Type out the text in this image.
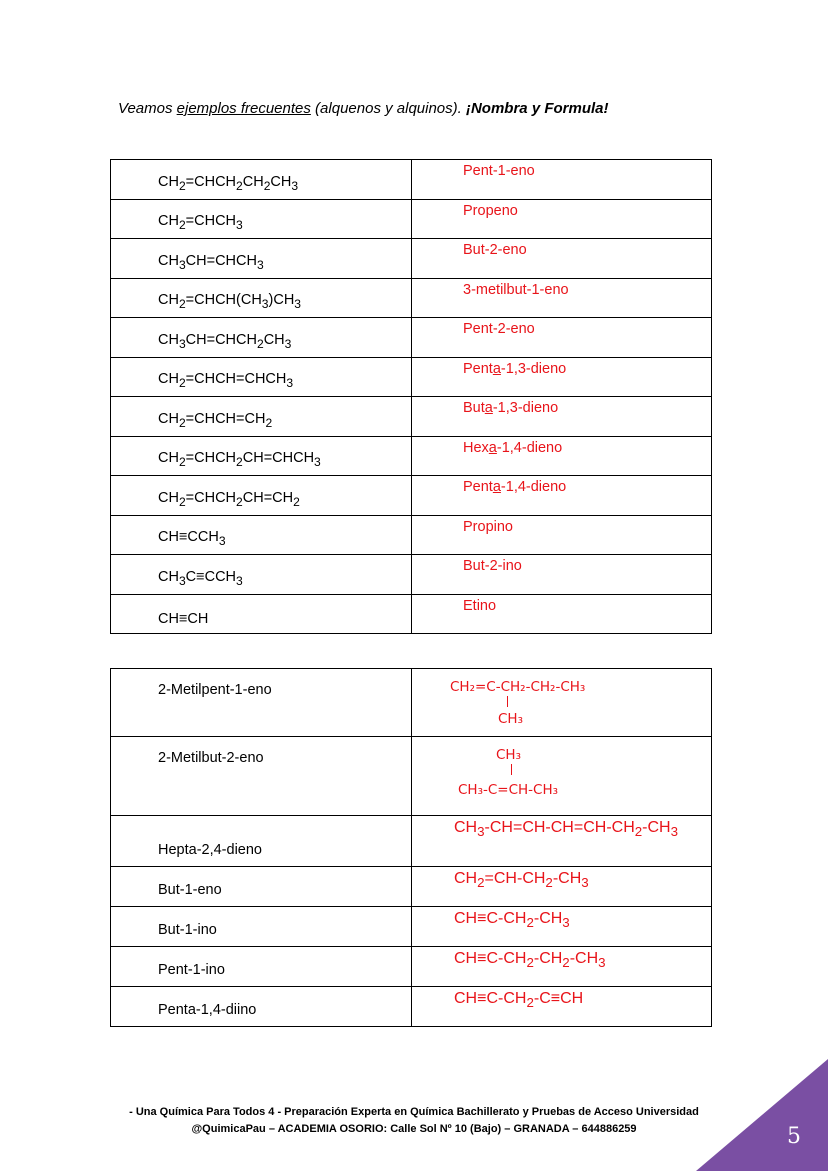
Veamos ejemplos frecuentes (alquenos y alquinos). ¡Nombra y Formula!
$CH_2=CHCH_2CH_2CH_3$	Pent-1-eno

$CH_2=CHCH_3$	Propeno

$CH_3CH=CHCH_3$	But-2-eno

$CH_2=CHCH(CH_3)CH_3$	3-metilbut-1-eno

$CH_3CH=CHCH_2CH_3$	Pent-2-eno

$CH_2=CHCH=CHCH_3$	Penta-1,3-dieno

$CH_2=CHCH=CH_2$	Buta-1,3-dieno

$CH_2=CHCH_2CH=CHCH_3$	Hexa-1,4-dieno

$CH_2=CHCH_2CH=CH_2$	Penta-1,4-dieno

$CH\equiv CCH_3$	Propino

$CH_3C\equiv CCH_3$	But-2-ino

CH≡CH	Etino
2-Metilpent-1-eno	CH₂=C-CH₂-CH₂-CH₃
CH₃

2-Metilbut-2-eno	CH₃
CH₃-C=CH-CH₃

Hepta-2,4-dieno	$CH_3-CH=CH-CH=CH-CH_2-CH_3$

But-1-eno	$CH_2=CH-CH_2-CH_3$

But-1-ino	$CH\equiv C-CH_2-CH_3$

Pent-1-ino	$CH\equiv C-CH_2-CH_2-CH_3$

Penta-1,4-diino	$CH\equiv C-CH_2-C\equiv CH$
- Una Química Para Todos 4 - Preparación Experta en Química Bachillerato y Pruebas de Acceso Universidad
@QuimicaPau – ACADEMIA OSORIO: Calle Sol Nº 10 (Bajo) – GRANADA – 644886259	5
